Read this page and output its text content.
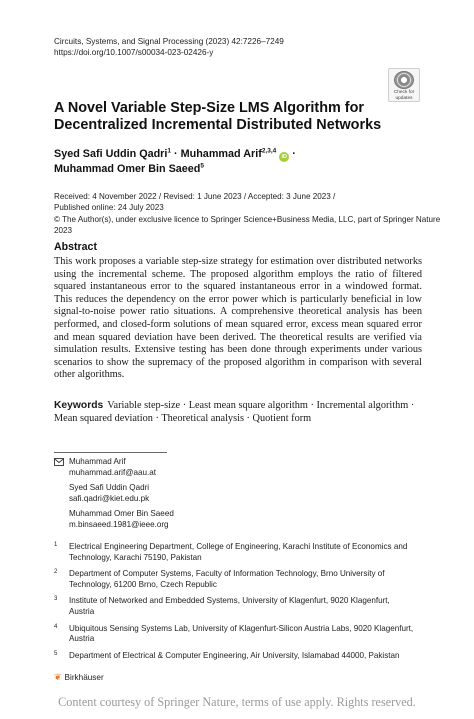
Circuits, Systems, and Signal Processing (2023) 42:7226–7249
https://doi.org/10.1007/s00034-023-02426-y
Check for
updates
A Novel Variable Step-Size LMS Algorithm for Decentralized Incremental Distributed Networks
Syed Safi Uddin Qadri$^1$ · Muhammad Arif$^{2,3,4}$ iD ·
Muhammad Omer Bin Saeed$^5$
Received: 4 November 2022 / Revised: 1 June 2023 / Accepted: 3 June 2023 /
Published online: 24 July 2023
© The Author(s), under exclusive licence to Springer Science+Business Media, LLC, part of Springer Nature 2023
Abstract

This work proposes a variable step-size strategy for estimation over distributed networks using the incremental scheme. The proposed algorithm employs the ratio of filtered squared instantaneous error to the squared instantaneous error in a windowed format. This reduces the dependency on the error power which is particularly beneficial in low signal-to-noise power ratio situations. A comprehensive theoretical analysis has been performed, and closed-form solutions of mean squared error, excess mean squared error and mean squared deviation have been derived. The theoretical results are verified via simulation results. Extensive testing has been done through experiments under various scenarios to show the supremacy of the proposed algorithm in comparison with several other algorithms.

Keywords Variable step-size · Least mean square algorithm · Incremental algorithm · Mean squared deviation · Theoretical analysis · Quotient form

Muhammad Arif
muhammad.arif@aau.at
Syed Safi Uddin Qadri
safi.qadri@kiet.edu.pk
Muhammad Omer Bin Saeed
m.binsaeed.1981@ieee.org
1 Electrical Engineering Department, College of Engineering, Karachi Institute of Economics and Technology, Karachi 75190, Pakistan
2 Department of Computer Systems, Faculty of Information Technology, Brno University of Technology, 61200 Brno, Czech Republic
3 Institute of Networked and Embedded Systems, University of Klagenfurt, 9020 Klagenfurt, Austria
4 Ubiquitous Sensing Systems Lab, University of Klagenfurt-Silicon Austria Labs, 9020 Klagenfurt, Austria
5 Department of Electrical & Computer Engineering, Air University, Islamabad 44000, Pakistan
❦ Birkhäuser
Content courtesy of Springer Nature, terms of use apply. Rights reserved.
